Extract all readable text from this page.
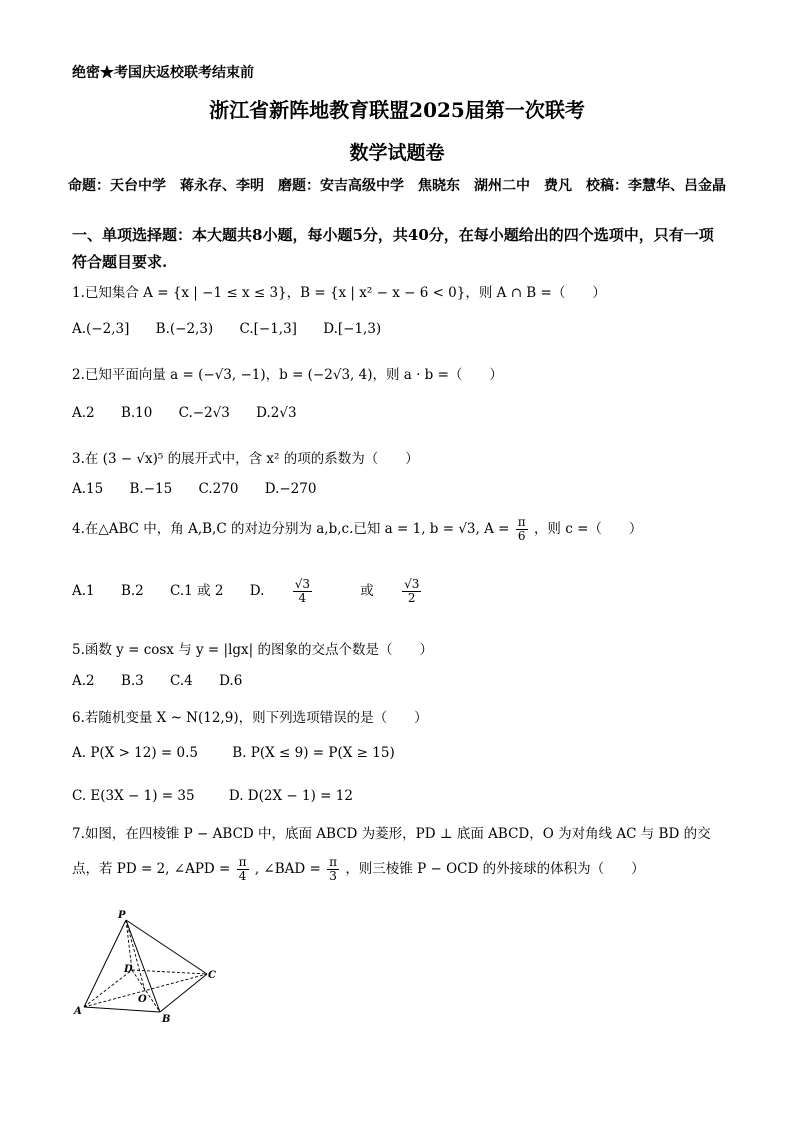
绝密★考国庆返校联考结束前
浙江省新阵地教育联盟2025届第一次联考
数学试题卷
命题：天台中学　蒋永存、李明　磨题：安吉高级中学　焦晓东　湖州二中　费凡　校稿：李慧华、吕金晶
一、单项选择题：本大题共8小题，每小题5分，共40分，在每小题给出的四个选项中，只有一项符合题目要求.
1.已知集合 A = {x | −1 ≤ x ≤ 3}，B = {x | x² − x − 6 < 0}，则 A ∩ B =（　　）
A.(−2,3] B.(−2,3) C.[−1,3] D.[−1,3)
2.已知平面向量 a = (−√3, −1)，b = (−2√3, 4)，则 a · b =（　　）
A.2 B.10 C.−2√3 D.2√3
3.在 (3 − √x)⁵ 的展开式中，含 x² 的项的系数为（　　）
A.15 B.−15 C.270 D.−270
4.在△ABC 中，角 A,B,C 的对边分别为 a,b,c.已知 a = 1, b = √3, $A = \frac{\pi}{6}$ ，则 c =（　　）
A.1 B.2 C.1 或 2 D. $\frac{√3}{4}$ 或 $\frac{√3}{2}$
5.函数 y = cosx 与 y = |lgx| 的图象的交点个数是（　　）
A.2 B.3 C.4 D.6
6.若随机变量 X ~ N(12,9)，则下列选项错误的是（　　）
A. P(X > 12) = 0.5	B. P(X ≤ 9) = P(X ≥ 15)
C. E(3X − 1) = 35	D. D(2X − 1) = 12
7.如图，在四棱锥 P − ABCD 中，底面 ABCD 为菱形，PD ⊥ 底面 ABCD，O 为对角线 AC 与 BD 的交
点，若 PD = 2, ∠APD = $\frac{\pi}{4}$ , ∠BAD = $\frac{\pi}{3}$ ，则三棱锥 P − OCD 的外接球的体积为（　　）
P
A
B
C
D
O
